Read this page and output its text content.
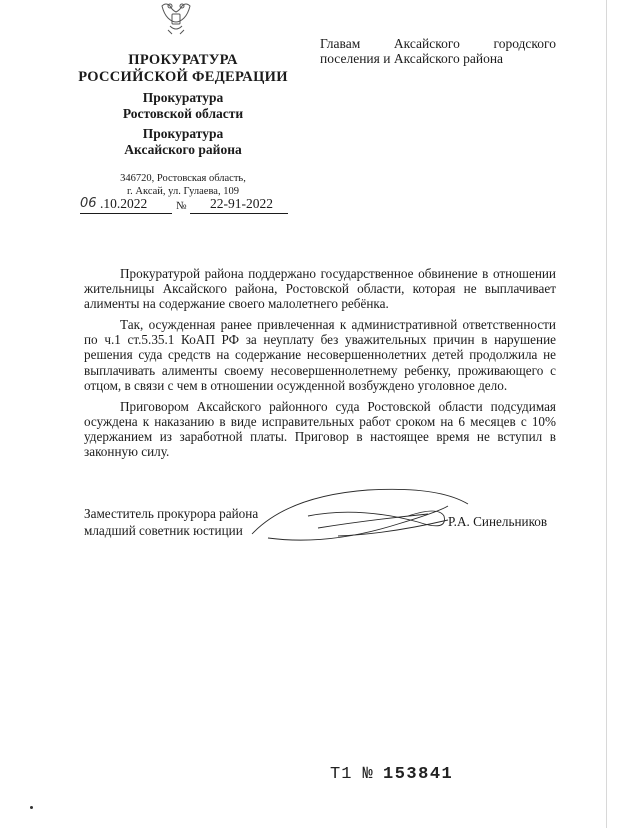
ПРОКУРАТУРА
РОССИЙСКОЙ ФЕДЕРАЦИИ
Прокуратура
Ростовской области
Прокуратура
Аксайского района
346720, Ростовская область,
г. Аксай, ул. Гулаева, 109
06 .10.2022	№ 22-91-2022
Главам Аксайского городского поселения и Аксайского района

Прокуратурой района поддержано государственное обвинение в отношении жительницы Аксайского района, Ростовской области, которая не выплачивает алименты на содержание своего малолетнего ребёнка.

Так, осужденная ранее привлеченная к административной ответственности по ч.1 ст.5.35.1 КоАП РФ за неуплату без уважительных причин в нарушение решения суда средств на содержание несовершеннолетних детей продолжила не выплачивать алименты своему несовершеннолетнему ребенку, проживающего с отцом, в связи с чем в отношении осужденной возбуждено уголовное дело.

Приговором Аксайского районного суда Ростовской области подсудимая осуждена к наказанию в виде исправительных работ сроком на 6 месяцев с 10% удержанием из заработной платы. Приговор в настоящее время не вступил в законную силу.

Заместитель прокурора района
младший советник юстиции
Р.А. Синельников
Т1 № 153841
